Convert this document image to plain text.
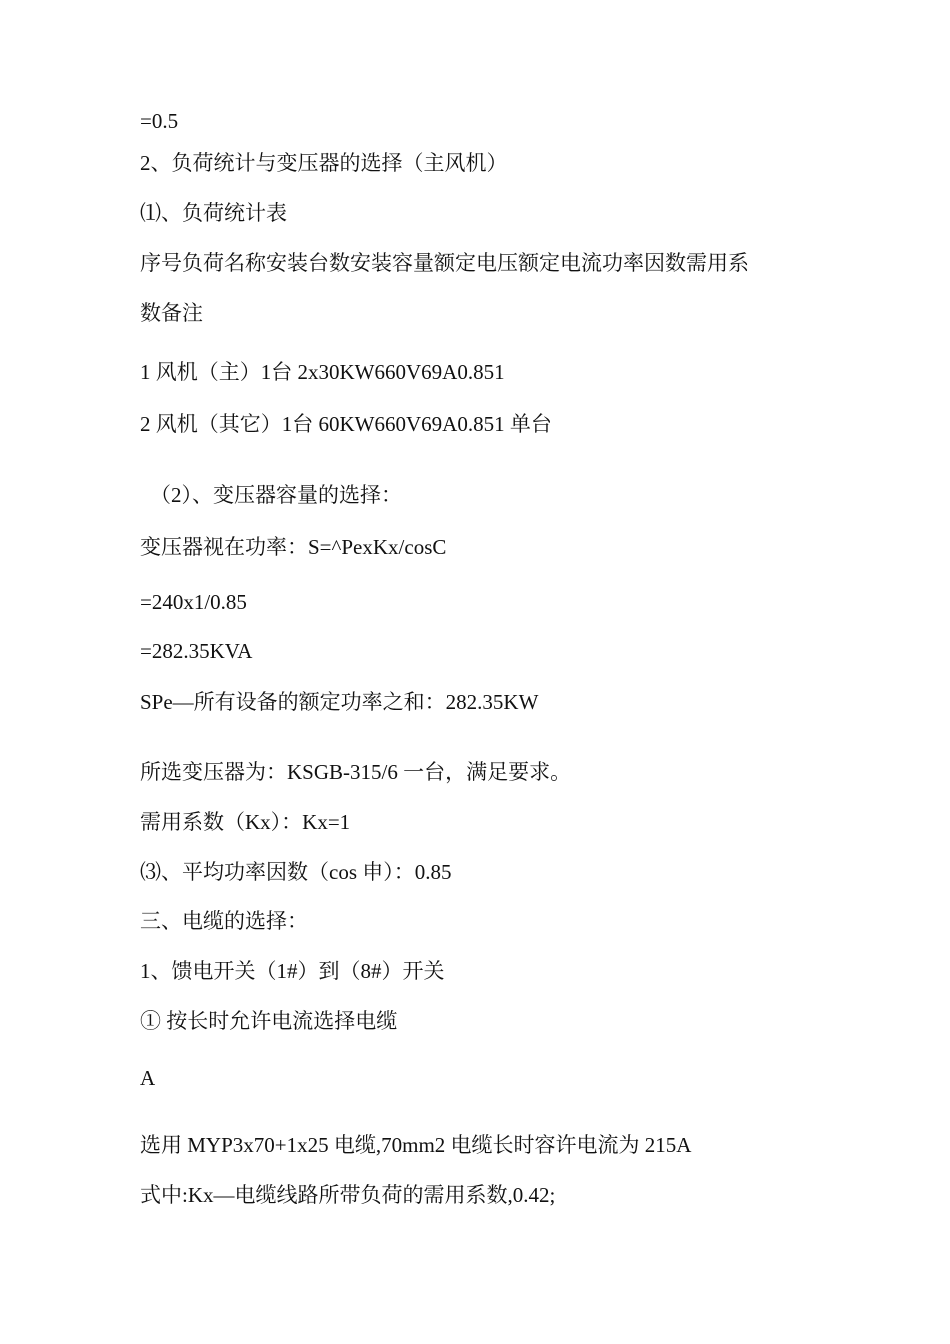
=0.5
2、负荷统计与变压器的选择（主风机）
⑴、负荷统计表
序号负荷名称安装台数安装容量额定电压额定电流功率因数需用系
数备注
1 风机（主）1台 2x30KW660V69A0.851
2 风机（其它）1台 60KW660V69A0.851 单台
（2）、变压器容量的选择：
变压器视在功率：S=^PexKx/cosC
=240x1/0.85
=282.35KVA
SPe—所有设备的额定功率之和：282.35KW
所选变压器为：KSGB-315/6 一台，满足要求。
需用系数（Kx）：Kx=1
⑶、平均功率因数（cos 申）：0.85
三、电缆的选择：
1、馈电开关（1#）到（8#）开关
① 按长时允许电流选择电缆
A
选用 MYP3x70+1x25 电缆,70mm2 电缆长时容许电流为 215A
式中:Kx—电缆线路所带负荷的需用系数,0.42;
